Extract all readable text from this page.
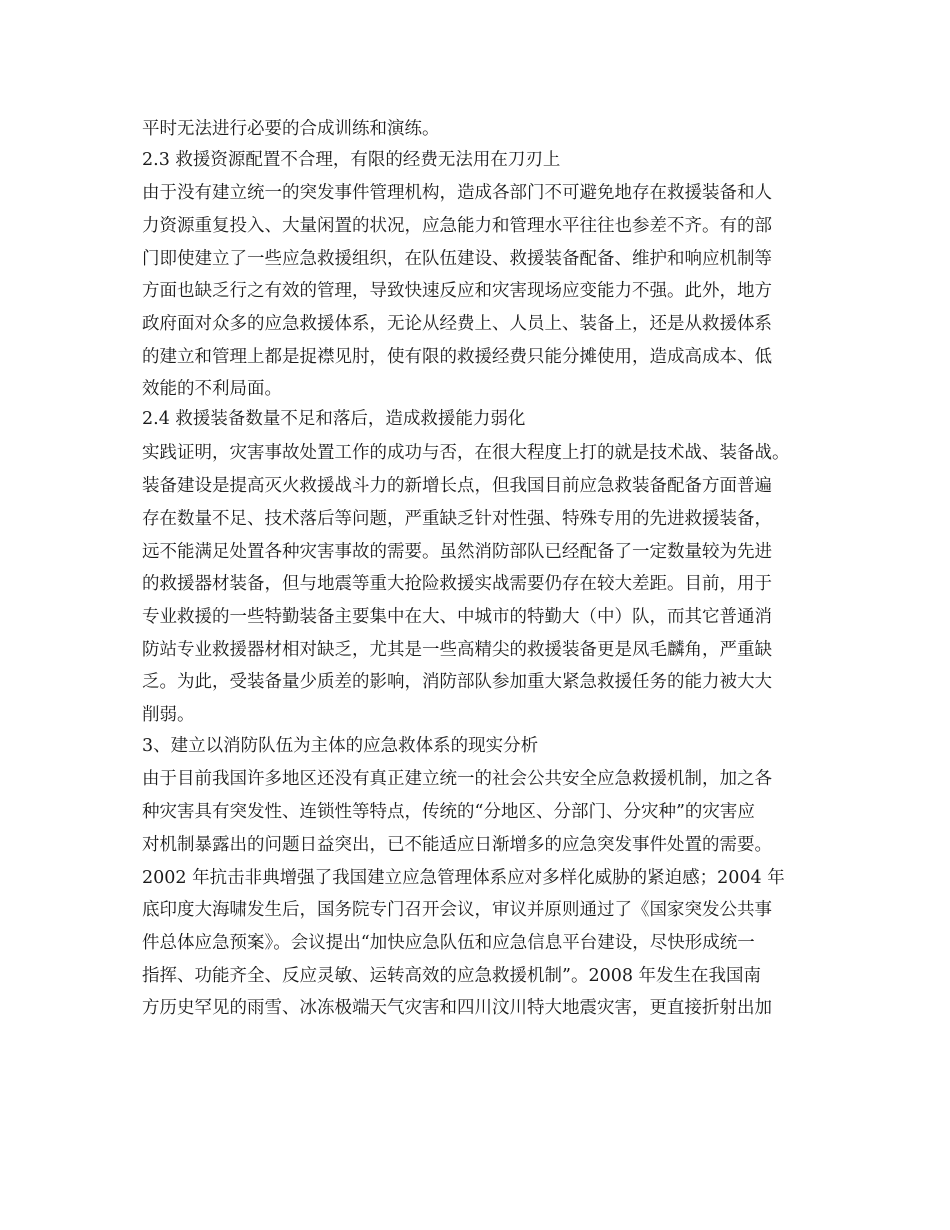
平时无法进行必要的合成训练和演练。
2.3 救援资源配置不合理，有限的经费无法用在刀刃上
由于没有建立统一的突发事件管理机构，造成各部门不可避免地存在救援装备和人
力资源重复投入、大量闲置的状况，应急能力和管理水平往往也参差不齐。有的部
门即使建立了一些应急救援组织，在队伍建设、救援装备配备、维护和响应机制等
方面也缺乏行之有效的管理，导致快速反应和灾害现场应变能力不强。此外，地方
政府面对众多的应急救援体系，无论从经费上、人员上、装备上，还是从救援体系
的建立和管理上都是捉襟见肘，使有限的救援经费只能分摊使用，造成高成本、低
效能的不利局面。
2.4 救援装备数量不足和落后，造成救援能力弱化
实践证明，灾害事故处置工作的成功与否，在很大程度上打的就是技术战、装备战。
装备建设是提高灭火救援战斗力的新增长点，但我国目前应急救装备配备方面普遍
存在数量不足、技术落后等问题，严重缺乏针对性强、特殊专用的先进救援装备，
远不能满足处置各种灾害事故的需要。虽然消防部队已经配备了一定数量较为先进
的救援器材装备，但与地震等重大抢险救援实战需要仍存在较大差距。目前，用于
专业救援的一些特勤装备主要集中在大、中城市的特勤大（中）队，而其它普通消
防站专业救援器材相对缺乏，尤其是一些高精尖的救援装备更是凤毛麟角，严重缺
乏。为此，受装备量少质差的影响，消防部队参加重大紧急救援任务的能力被大大
削弱。
3、建立以消防队伍为主体的应急救体系的现实分析
由于目前我国许多地区还没有真正建立统一的社会公共安全应急救援机制，加之各
种灾害具有突发性、连锁性等特点，传统的“分地区、分部门、分灾种”的灾害应
对机制暴露出的问题日益突出，已不能适应日渐增多的应急突发事件处置的需要。
2002 年抗击非典增强了我国建立应急管理体系应对多样化威胁的紧迫感；2004 年
底印度大海啸发生后，国务院专门召开会议，审议并原则通过了《国家突发公共事
件总体应急预案》。会议提出“加快应急队伍和应急信息平台建设，尽快形成统一
指挥、功能齐全、反应灵敏、运转高效的应急救援机制”。2008 年发生在我国南
方历史罕见的雨雪、冰冻极端天气灾害和四川汶川特大地震灾害，更直接折射出加
